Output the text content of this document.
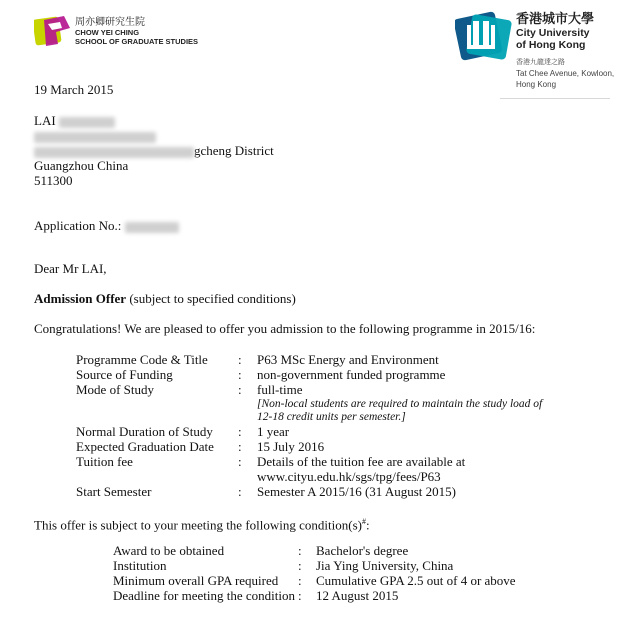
周亦卿研究生院
CHOW YEI CHING
SCHOOL OF GRADUATE STUDIES
香港城市大學
City University
of Hong Kong
香港九龍達之路
Tat Chee Avenue, Kowloon,
Hong Kong
19 March 2015
LAI
gcheng District
Guangzhou China
511300
Application No.:
Dear Mr LAI,
Admission Offer (subject to specified conditions)
Congratulations! We are pleased to offer you admission to the following programme in 2015/16:
Programme Code & Title : P63 MSc Energy and Environment
Source of Funding	: non-government funded programme
Mode of Study	: full-time
[Non-local students are required to maintain the study load of
12-18 credit units per semester.]
Normal Duration of Study : 1 year
Expected Graduation Date : 15 July 2016
Tuition fee	: Details of the tuition fee are available at
www.cityu.edu.hk/sgs/tpg/fees/P63
Start Semester	: Semester A 2015/16 (31 August 2015)
This offer is subject to your meeting the following condition(s)#:
Award to be obtained	: Bachelor's degree
Institution	: Jia Ying University, China
Minimum overall GPA required : Cumulative GPA 2.5 out of 4 or above
Deadline for meeting the condition : 12 August 2015
